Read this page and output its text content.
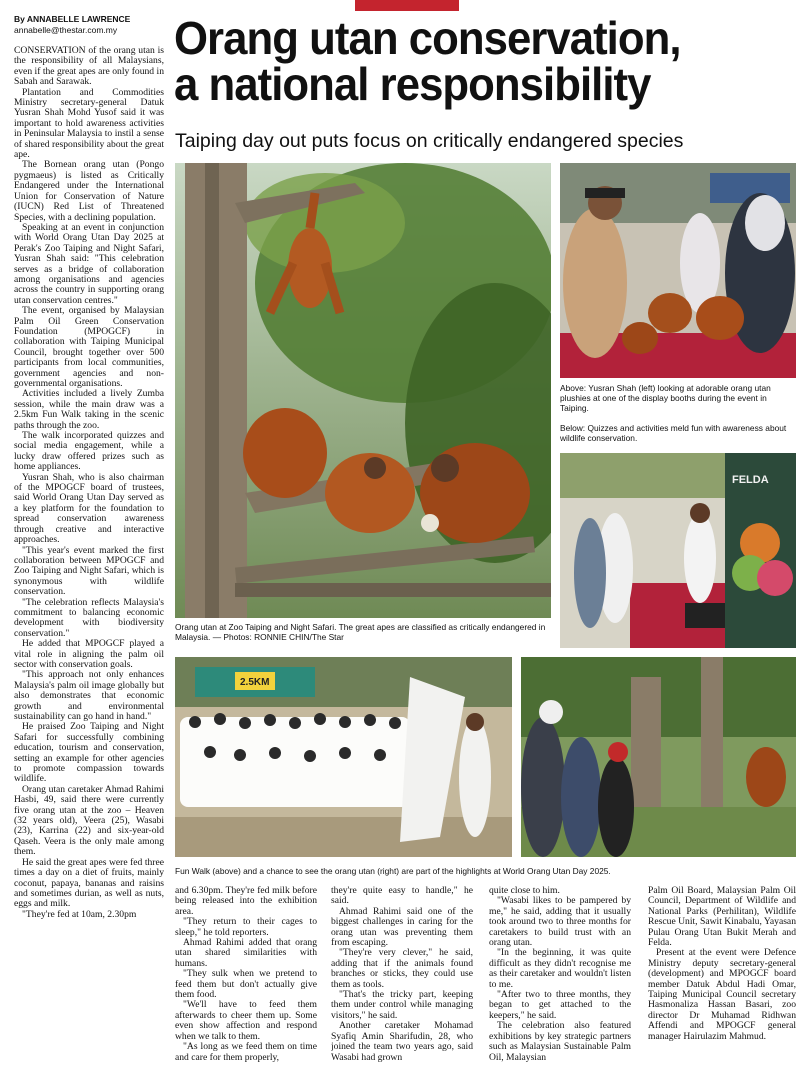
By ANNABELLE LAWRENCE
annabelle@thestar.com.my	Orang utan conservation,
a national responsibility
Taiping day out puts focus on critically endangered species

CONSERVATION of the orang utan is the responsibility of all Malaysians, even if the great apes are only found in Sabah and Sarawak.

Plantation and Commodities Ministry secretary-general Datuk Yusran Shah Mohd Yusof said it was important to hold awareness activities in Peninsular Malaysia to instil a sense of shared responsibility about the great ape.

The Bornean orang utan (Pongo pygmaeus) is listed as Critically Endangered under the International Union for Conservation of Nature (IUCN) Red List of Threatened Species, with a declining population.

Speaking at an event in conjunction with World Orang Utan Day 2025 at Perak's Zoo Taiping and Night Safari, Yusran Shah said: "This celebration serves as a bridge of collaboration among organisations and agencies across the country in supporting orang utan conservation centres."

The event, organised by Malaysian Palm Oil Green Conservation Foundation (MPOGCF) in collaboration with Taiping Municipal Council, brought together over 500 participants from local communities, government agencies and non-governmental organisations.

Activities included a lively Zumba session, while the main draw was a 2.5km Fun Walk taking in the scenic paths through the zoo.

The walk incorporated quizzes and social media engagement, while a lucky draw offered prizes such as home appliances.

Yusran Shah, who is also chairman of the MPOGCF board of trustees, said World Orang Utan Day served as a key platform for the foundation to spread conservation awareness through creative and interactive approaches.

"This year's event marked the first collaboration between MPOGCF and Zoo Taiping and Night Safari, which is synonymous with wildlife conservation.

"The celebration reflects Malaysia's commitment to balancing economic development with biodiversity conservation."

He added that MPOGCF played a vital role in aligning the palm oil sector with conservation goals.

"This approach not only enhances Malaysia's palm oil image globally but also demonstrates that economic growth and environmental sustainability can go hand in hand."

He praised Zoo Taiping and Night Safari for successfully combining education, tourism and conservation, setting an example for other agencies to promote compassion towards wildlife.

Orang utan caretaker Ahmad Rahimi Hasbi, 49, said there were currently five orang utan at the zoo – Heaven (32 years old), Veera (25), Wasabi (23), Karrina (22) and six-year-old Qaseh. Veera is the only male among them.

He said the great apes were fed three times a day on a diet of fruits, mainly coconut, papaya, bananas and raisins and sometimes durian, as well as nuts, eggs and milk.

"They're fed at 10am, 2.30pm

Orang utan at Zoo Taiping and Night Safari. The great apes are classified as critically endangered in Malaysia. — Photos: RONNIE CHIN/The Star
Above: Yusran Shah (left) looking at adorable orang utan plushies at one of the display booths during the event in Taiping.
Below: Quizzes and activities meld fun with awareness about wildlife conservation.
FELDA
2.5KM
Fun Walk (above) and a chance to see the orang utan (right) are part of the highlights at World Orang Utan Day 2025.

and 6.30pm. They're fed milk before being released into the exhibition area.

"They return to their cages to sleep," he told reporters.

Ahmad Rahimi added that orang utan shared similarities with humans.

"They sulk when we pretend to feed them but don't actually give them food.

"We'll have to feed them afterwards to cheer them up. Some even show affection and respond when we talk to them.

"As long as we feed them on time and care for them properly,

they're quite easy to handle," he said.

Ahmad Rahimi said one of the biggest challenges in caring for the orang utan was preventing them from escaping.

"They're very clever," he said, adding that if the animals found branches or sticks, they could use them as tools.

"That's the tricky part, keeping them under control while managing visitors," he said.

Another caretaker Mohamad Syafiq Amin Sharifudin, 28, who joined the team two years ago, said Wasabi had grown

quite close to him.

"Wasabi likes to be pampered by me," he said, adding that it usually took around two to three months for caretakers to build trust with an orang utan.

"In the beginning, it was quite difficult as they didn't recognise me as their caretaker and wouldn't listen to me.

"After two to three months, they began to get attached to the keepers," he said.

The celebration also featured exhibitions by key strategic partners such as Malaysian Sustainable Palm Oil, Malaysian

Palm Oil Board, Malaysian Palm Oil Council, Department of Wildlife and National Parks (Perhilitan), Wildlife Rescue Unit, Sawit Kinabalu, Yayasan Pulau Orang Utan Bukit Merah and Felda.

Present at the event were Defence Ministry deputy secretary-general (development) and MPOGCF board member Datuk Abdul Hadi Omar, Taiping Municipal Council secretary Hasmonaliza Hassan Basari, zoo director Dr Muhamad Ridhwan Affendi and MPOGCF general manager Hairulazim Mahmud.
